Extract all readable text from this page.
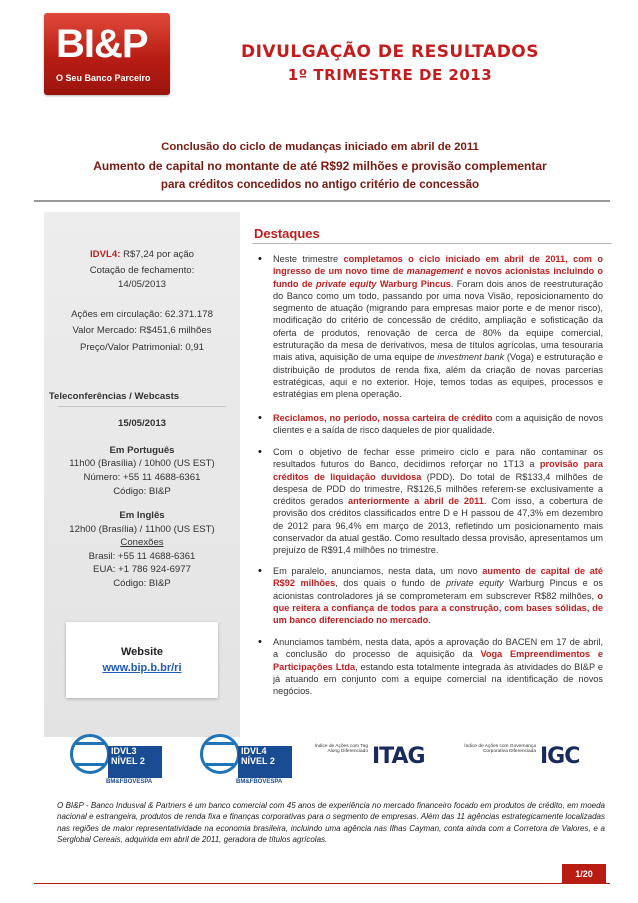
BI&P
O Seu Banco Parceiro
DIVULGAÇÃO DE RESULTADOS
1º TRIMESTRE DE 2013
Conclusão do ciclo de mudanças iniciado em abril de 2011
Aumento de capital no montante de até R$92 milhões e provisão complementar
para créditos concedidos no antigo critério de concessão
IDVL4: R$7,24 por ação
Cotação de fechamento:
14/05/2013
Ações em circulação: 62.371.178
Valor Mercado: R$451,6 milhões
Preço/Valor Patrimonial: 0,91
Teleconferências / Webcasts
15/05/2013
Em Português
11h00 (Brasília) / 10h00 (US EST)
Número: +55 11 4688-6361
Código: BI&P
Em Inglês
12h00 (Brasília) / 11h00 (US EST)
Conexões
Brasil: +55 11 4688-6361
EUA: +1 786 924-6977
Código: BI&P
Website
www.bip.b.br/ri
Destaques
• Neste trimestre completamos o ciclo iniciado em abril de 2011, com o ingresso de um novo time de management e novos acionistas incluindo o fundo de private equity Warburg Pincus. Foram dois anos de reestruturação do Banco como um todo, passando por uma nova Visão, reposicionamento do segmento de atuação (migrando para empresas maior porte e de menor risco), modificação do critério de concessão de crédito, ampliação e sofisticação da oferta de produtos, renovação de cerca de 80% da equipe comercial, estruturação da mesa de derivativos, mesa de títulos agrícolas, uma tesouraria mais ativa, aquisição de uma equipe de investment bank (Voga) e estruturação e distribuição de produtos de renda fixa, além da criação de novas parcerias estratégicas, aqui e no exterior. Hoje, temos todas as equipes, processos e estratégias em plena operação.
• Reciclamos, no período, nossa carteira de crédito com a aquisição de novos clientes e a saída de risco daqueles de pior qualidade.
• Com o objetivo de fechar esse primeiro ciclo e para não contaminar os resultados futuros do Banco, decidimos reforçar no 1T13 a provisão para créditos de liquidação duvidosa (PDD). Do total de R$133,4 milhões de despesa de PDD do trimestre, R$126,5 milhões referem-se exclusivamente a créditos gerados anteriormente a abril de 2011. Com isso, a cobertura de provisão dos créditos classificados entre D e H passou de 47,3% em dezembro de 2012 para 96,4% em março de 2013, refletindo um posicionamento mais conservador da atual gestão. Como resultado dessa provisão, apresentamos um prejuízo de R$91,4 milhões no trimestre.
• Em paralelo, anunciamos, nesta data, um novo aumento de capital de até R$92 milhões, dos quais o fundo de private equity Warburg Pincus e os acionistas controladores já se comprometeram em subscrever R$82 milhões, o que reitera a confiança de todos para a construção, com bases sólidas, de um banco diferenciado no mercado.
• Anunciamos também, nesta data, após a aprovação do BACEN em 17 de abril, a conclusão do processo de aquisição da Voga Empreendimentos e Participações Ltda, estando esta totalmente integrada às atividades do BI&P e já atuando em conjunto com a equipe comercial na identificação de novos negócios.
IDVL3
NÍVEL 2
BM&FBOVESPA
IDVL4
NÍVEL 2
BM&FBOVESPA
Índice de Ações com Tag Along Diferenciado ITAG	Índice de Ações com Governança Corporativa Diferenciada IGC
O BI&P - Banco Indusval & Partners é um banco comercial com 45 anos de experiência no mercado financeiro focado em produtos de crédito, em moeda nacional e estrangeira, produtos de renda fixa e finanças corporativas para o segmento de empresas. Além das 11 agências estrategicamente localizadas nas regiões de maior representatividade na economia brasileira, incluindo uma agência nas Ilhas Cayman, conta ainda com a Corretora de Valores, e a Serglobal Cereais, adquirida em abril de 2011, geradora de títulos agrícolas.
1/20
